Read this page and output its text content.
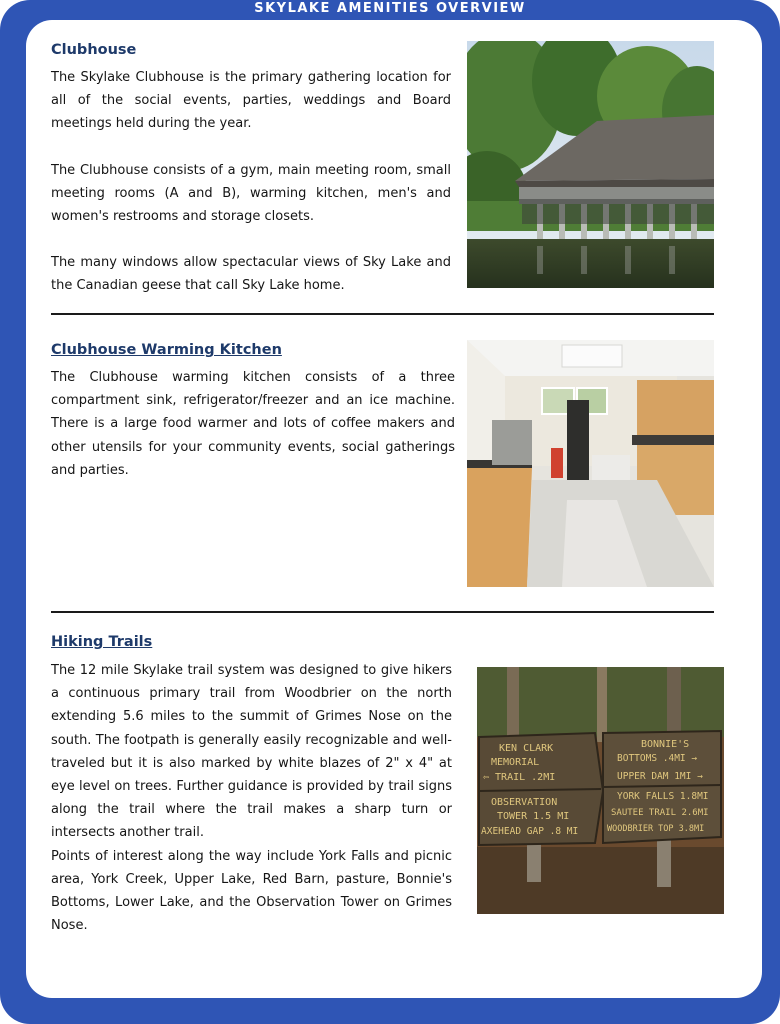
SKYLAKE AMENITIES OVERVIEW
Clubhouse

The Skylake Clubhouse is the primary gathering location for all of the social events, parties, weddings and Board meetings held during the year.

The Clubhouse consists of a gym, main meeting room, small meeting rooms (A and B), warming kitchen, men's and women's restrooms and storage closets.

The many windows allow spectacular views of Sky Lake and the Canadian geese that call Sky Lake home.

Clubhouse Warming Kitchen

The Clubhouse warming kitchen consists of a three compartment sink, refrigerator/freezer and an ice machine. There is a large food warmer and lots of coffee makers and other utensils for your community events, social gatherings and parties.

Hiking Trails

The 12 mile Skylake trail system was designed to give hikers a continuous primary trail from Woodbrier on the north extending 5.6 miles to the summit of Grimes Nose on the south. The footpath is generally easily recognizable and well-traveled but it is also marked by white blazes of 2" x 4" at eye level on trees. Further guidance is provided by trail signs along the trail where the trail makes a sharp turn or intersects another trail.

Points of interest along the way include York Falls and picnic area, York Creek, Upper Lake, Red Barn, pasture, Bonnie's Bottoms, Lower Lake, and the Observation Tower on Grimes Nose.

KEN CLARK
MEMORIAL
⇦ TRAIL .2MI
OBSERVATION
TOWER 1.5 MI
AXEHEAD GAP .8 MI
BONNIE'S
BOTTOMS .4MI →
UPPER DAM 1MI →
YORK FALLS 1.8MI
SAUTEE TRAIL 2.6MI
WOODBRIER TOP 3.8MI
